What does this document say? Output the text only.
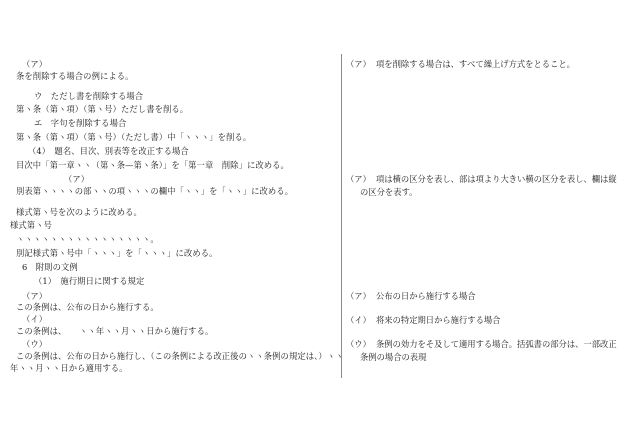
（ア）
条を削除する場合の例による。
ウ　ただし書を削除する場合
第ヽ条（第ヽ項）（第ヽ号）ただし書を削る。
エ　字句を削除する場合
第ヽ条（第ヽ項）（第ヽ号）（ただし書）中「ヽヽヽ」を削る。
（4）　題名、目次、別表等を改正する場合
目次中「第一章ヽヽ（第ヽ条—第ヽ条）」を「第一章　削除」に改める。
（ア）
別表第ヽヽヽヽの部ヽヽの項ヽヽヽの欄中「ヽヽ」を「ヽヽ」に改める。
様式第ヽ号を次のように改める。
様式第ヽ号
ヽヽヽヽヽヽヽヽヽヽヽヽヽヽヽヽ。
別記様式第ヽ号中「ヽヽヽ」を「ヽヽヽ」に改める。
6　附則の文例
（1）　施行期日に関する規定
（ア）
この条例は、公布の日から施行する。
（イ）
この条例は、　　ヽヽ年ヽヽ月ヽヽ日から施行する。
（ウ）
この条例は、公布の日から施行し、（この条例による改正後のヽヽ条例の規定は、）ヽヽ
年ヽヽ月ヽヽ日から適用する。
（ア） 項を削除する場合は、すべて繰上げ方式をとること。
（ア） 項は横の区分を表し、部は項より大きい横の区分を表し、欄は縦
の区分を表す。
（ア） 公布の日から施行する場合
（イ） 将来の特定期日から施行する場合
（ウ） 条例の効力をそ及して適用する場合。括弧書の部分は、一部改正
条例の場合の表現
